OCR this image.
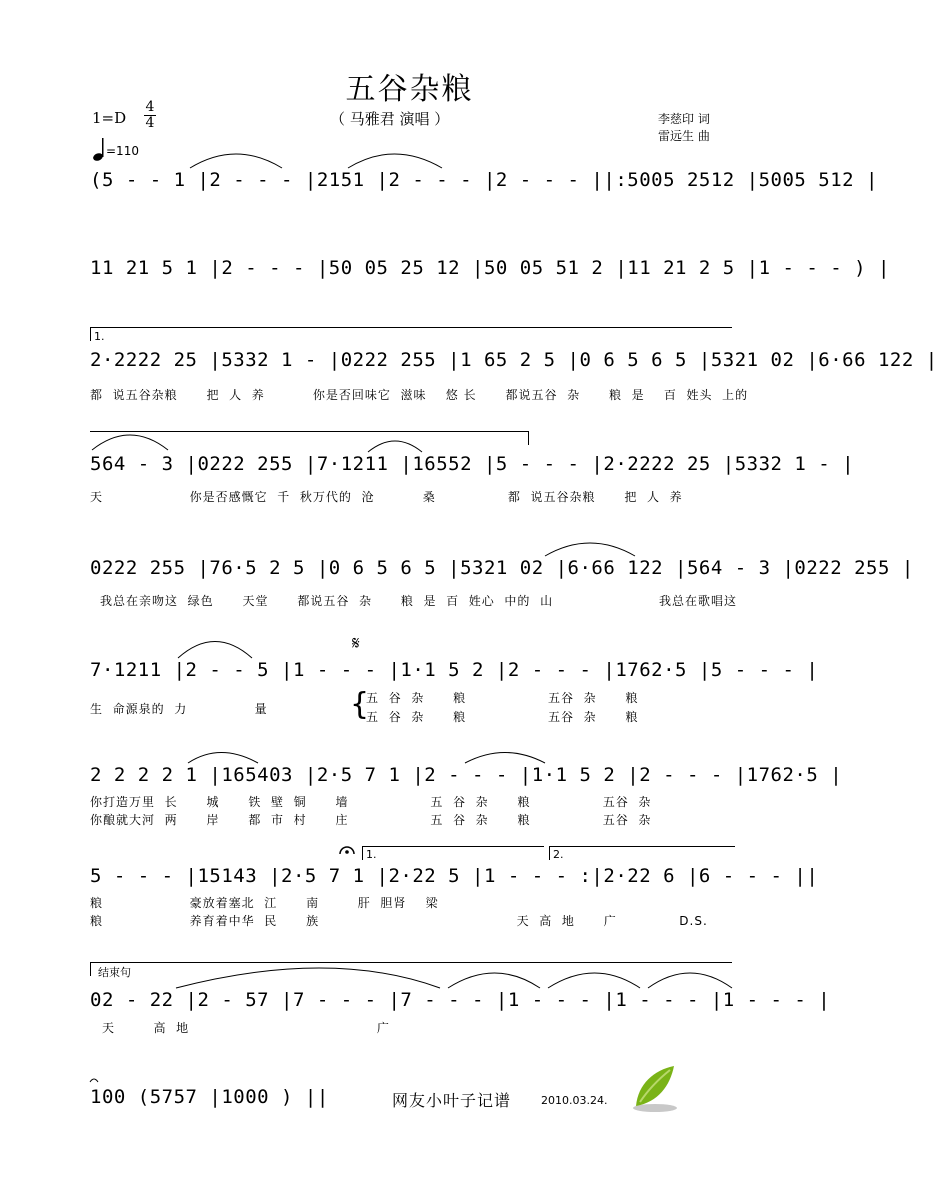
五谷杂粮
（ 马雅君 演唱 ）
1=D
4
4	李慈印 词
雷远生 曲
=110
(5 - - 1 |2 - - - |2151 |2 - - - |2 - - - ||:5005 2512 |5005 512 |
11 21 5 1 |2 - - - |50 05 25 12 |50 05 51 2 |11 21 2 5 |1 - - - ) |
1.
2·2222 25 |5332 1 - |0222 255 |1 65 2 5 |0 6 5 6 5 |5321 02 |6·66 122 |
都  说五谷杂粮      把  人  养          你是否回味它  滋味    悠 长      都说五谷  杂      粮  是    百  姓头  上的
564 - 3 |0222 255 |7·1211 |16552 |5 - - - |2·2222 25 |5332 1 - |
天                  你是否感慨它  千  秋万代的  沧          桑               都  说五谷杂粮      把  人  养
0222 255 |76·5 2 5 |0 6 5 6 5 |5321 02 |6·66 122 |564 - 3 |0222 255 |
我总在亲吻这  绿色      天堂      都说五谷  杂      粮  是  百  姓心  中的  山                      我总在歌唱这
𝄋
7·1211 |2 - - 5 |1 - - - |1·1 5 2 |2 - - - |1762·5 |5 - - - |
生  命源泉的  力              量	{
五  谷  杂      粮                 五谷  杂      粮
五  谷  杂      粮                 五谷  杂      粮
2 2 2 2 1 |165403 |2·5 7 1 |2 - - - |1·1 5 2 |2 - - - |1762·5 |
你打造万里  长      城      铁  壁  铜      墙                 五  谷  杂      粮               五谷  杂
你酿就大河  两      岸      都  市  村      庄                 五  谷  杂      粮               五谷  杂
1.	2.
5 - - - |15143 |2·5 7 1 |2·22 5 |1 - - - :|2·22 6 |6 - - - ||
粮                  豪放着塞北  江      南        肝  胆肾    梁
粮                  养育着中华  民      族                                         天  高  地      广             D.S.
结束句
02 - 22 |2 - 57 |7 - - - |7 - - - |1 - - - |1 - - - |1 - - - |
天        高  地                                       广
100 (5757 |1000 ) ||	网友小叶子记谱	2010.03.24.
